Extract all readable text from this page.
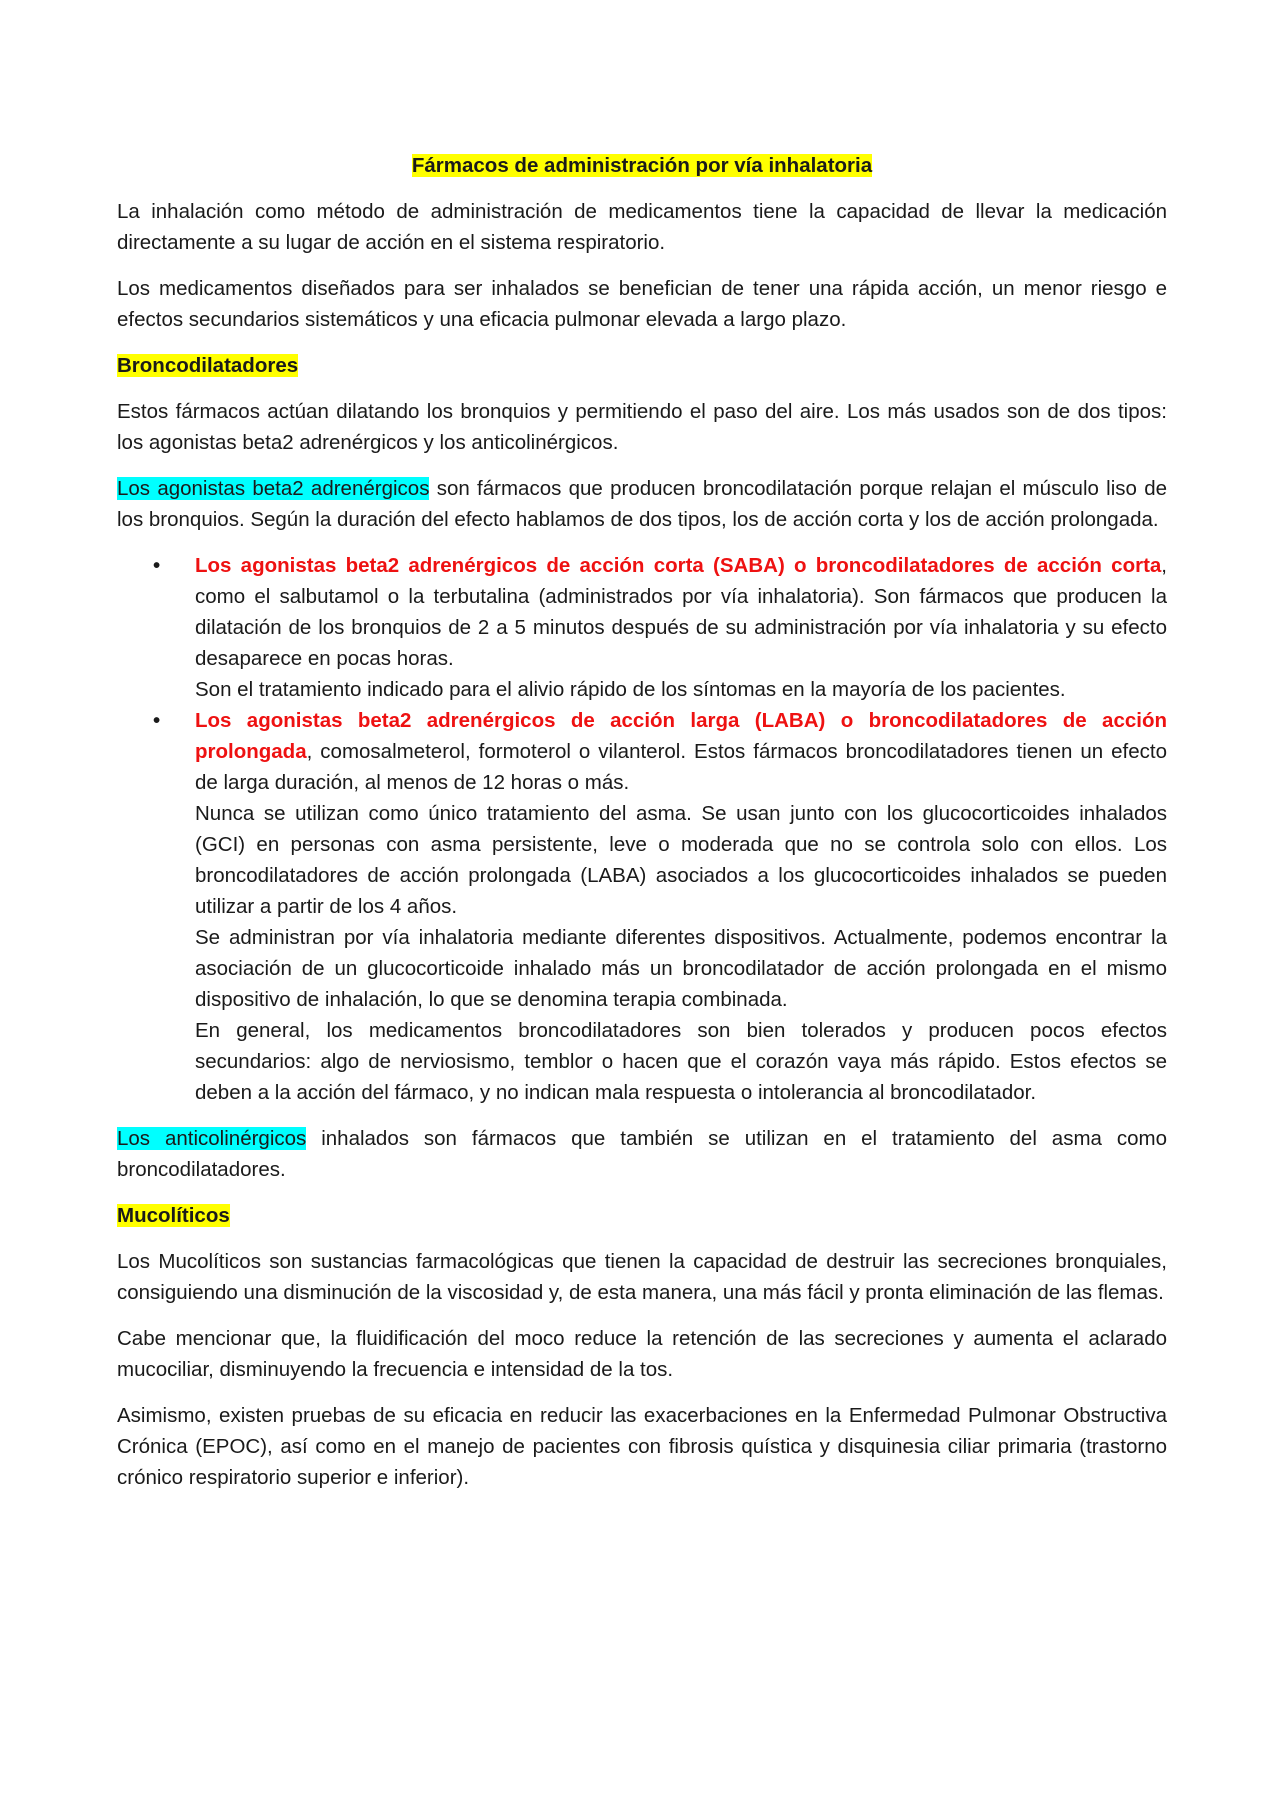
Fármacos de administración por vía inhalatoria

La inhalación como método de administración de medicamentos tiene la capacidad de llevar la medicación directamente a su lugar de acción en el sistema respiratorio.

Los medicamentos diseñados para ser inhalados se benefician de tener una rápida acción, un menor riesgo e efectos secundarios sistemáticos y una eficacia pulmonar elevada a largo plazo.

Broncodilatadores

Estos fármacos actúan dilatando los bronquios y permitiendo el paso del aire. Los más usados son de dos tipos: los agonistas beta2 adrenérgicos y los anticolinérgicos.

Los agonistas beta2 adrenérgicos son fármacos que producen broncodilatación porque relajan el músculo liso de los bronquios. Según la duración del efecto hablamos de dos tipos, los de acción corta y los de acción prolongada.

• Los agonistas beta2 adrenérgicos de acción corta (SABA) o broncodilatadores de acción corta, como el salbutamol o la terbutalina (administrados por vía inhalatoria). Son fármacos que producen la dilatación de los bronquios de 2 a 5 minutos después de su administración por vía inhalatoria y su efecto desaparece en pocas horas.
Son el tratamiento indicado para el alivio rápido de los síntomas en la mayoría de los pacientes.
• Los agonistas beta2 adrenérgicos de acción larga (LABA) o broncodilatadores de acción prolongada, comosalmeterol, formoterol o vilanterol. Estos fármacos broncodilatadores tienen un efecto de larga duración, al menos de 12 horas o más.
Nunca se utilizan como único tratamiento del asma. Se usan junto con los glucocorticoides inhalados (GCI) en personas con asma persistente, leve o moderada que no se controla solo con ellos. Los broncodilatadores de acción prolongada (LABA) asociados a los glucocorticoides inhalados se pueden utilizar a partir de los 4 años.
Se administran por vía inhalatoria mediante diferentes dispositivos. Actualmente, podemos encontrar la asociación de un glucocorticoide inhalado más un broncodilatador de acción prolongada en el mismo dispositivo de inhalación, lo que se denomina terapia combinada.
En general, los medicamentos broncodilatadores son bien tolerados y producen pocos efectos secundarios: algo de nerviosismo, temblor o hacen que el corazón vaya más rápido. Estos efectos se deben a la acción del fármaco, y no indican mala respuesta o intolerancia al broncodilatador.

Los anticolinérgicos inhalados son fármacos que también se utilizan en el tratamiento del asma como broncodilatadores.

Mucolíticos

Los Mucolíticos son sustancias farmacológicas que tienen la capacidad de destruir las secreciones bronquiales, consiguiendo una disminución de la viscosidad y, de esta manera, una más fácil y pronta eliminación de las flemas.

Cabe mencionar que, la fluidificación del moco reduce la retención de las secreciones y aumenta el aclarado mucociliar, disminuyendo la frecuencia e intensidad de la tos.

Asimismo, existen pruebas de su eficacia en reducir las exacerbaciones en la Enfermedad Pulmonar Obstructiva Crónica (EPOC), así como en el manejo de pacientes con fibrosis quística y disquinesia ciliar primaria (trastorno crónico respiratorio superior e inferior).
